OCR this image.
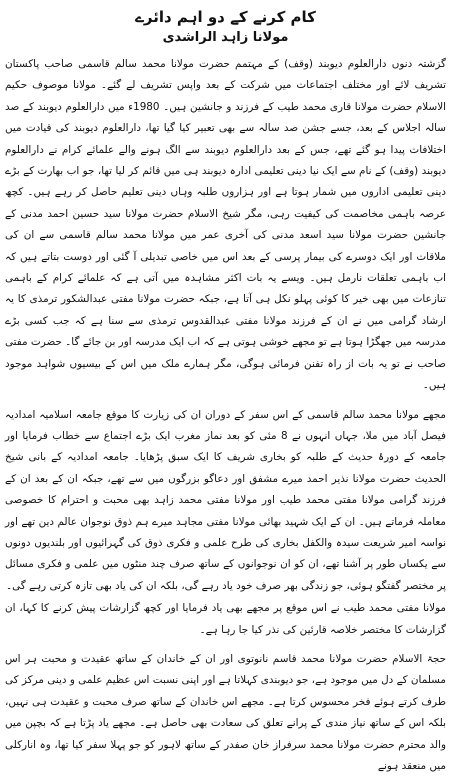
کام کرنے کے دو اہم دائرے
مولانا زاہد الراشدی

گزشتہ دنوں دارالعلوم دیوبند (وقف) کے مہتمم حضرت مولانا محمد سالم قاسمی صاحب پاکستان تشریف لائے اور مختلف اجتماعات میں شرکت کے بعد واپس تشریف لے گئے۔ مولانا موصوف حکیم الاسلام حضرت مولانا قاری محمد طیب کے فرزند و جانشین ہیں۔ 1980ء میں دارالعلوم دیوبند کے صد سالہ اجلاس کے بعد، جسے جشن صد سالہ سے بھی تعبیر کیا گیا تھا، دارالعلوم دیوبند کی قیادت میں اختلافات پیدا ہو گئے تھے، جس کے بعد دارالعلوم دیوبند سے الگ ہونے والے علمائے کرام نے دارالعلوم دیوبند (وقف) کے نام سے ایک نیا دینی تعلیمی ادارہ دیوبند ہی میں قائم کر لیا تھا، جو اب بھارت کے بڑے دینی تعلیمی اداروں میں شمار ہوتا ہے اور ہزاروں طلبہ وہاں دینی تعلیم حاصل کر رہے ہیں۔ کچھ عرصہ باہمی مخاصمت کی کیفیت رہی، مگر شیخ الاسلام حضرت مولانا سید حسین احمد مدنی کے جانشین حضرت مولانا سید اسعد مدنی کی آخری عمر میں مولانا محمد سالم قاسمی سے ان کی ملاقات اور ایک دوسرے کی بیمار پرسی کے بعد اس میں خاصی تبدیلی آ گئی اور دوست بتاتے ہیں کہ اب باہمی تعلقات نارمل ہیں۔ ویسے یہ بات اکثر مشاہدہ میں آتی ہے کہ علمائے کرام کے باہمی تنازعات میں بھی خیر کا کوئی پہلو نکل ہی آتا ہے، جبکہ حضرت مولانا مفتی عبدالشکور ترمذی کا یہ ارشاد گرامی میں نے ان کے فرزند مولانا مفتی عبدالقدوس ترمذی سے سنا ہے کہ جب کسی بڑے مدرسہ میں جھگڑا ہوتا ہے تو مجھے خوشی ہوتی ہے کہ اب ایک مدرسہ اور بن جائے گا۔ حضرت مفتی صاحب نے تو یہ بات از راہ تفنن فرمائی ہوگی، مگر ہمارے ملک میں اس کے بیسیوں شواہد موجود ہیں۔

مجھے مولانا محمد سالم قاسمی کے اس سفر کے دوران ان کی زیارت کا موقع جامعہ اسلامیہ امدادیہ فیصل آباد میں ملا، جہاں انہوں نے 8 مئی کو بعد نماز مغرب ایک بڑے اجتماع سے خطاب فرمایا اور جامعہ کے دورۂ حدیث کے طلبہ کو بخاری شریف کا ایک سبق پڑھایا۔ جامعہ امدادیہ کے بانی شیخ الحدیث حضرت مولانا نذیر احمد میرے مشفق اور دعاگو بزرگوں میں سے تھے، جبکہ ان کے بعد ان کے فرزند گرامی مولانا مفتی محمد طیب اور مولانا مفتی محمد زاہد بھی محبت و احترام کا خصوصی معاملہ فرماتے ہیں۔ ان کے ایک شہید بھائی مولانا مفتی مجاہد میرے ہم ذوق نوجوان عالم دین تھے اور نواسہ امیر شریعت سیدہ والکفل بخاری کی طرح علمی و فکری ذوق کی گہرائیوں اور بلندیوں دونوں سے یکساں طور پر آشنا تھے، ان کو ان نوجوانوں کے ساتھ صرف چند منٹوں میں علمی و فکری مسائل پر مختصر گفتگو ہوئی، جو زندگی بھر صرف خود یاد رہے گی، بلکہ ان کی یاد بھی تازہ کرتی رہے گی۔

مولانا مفتی محمد طیب نے اس موقع پر مجھے بھی یاد فرمایا اور کچھ گزارشات پیش کرنے کا کہا، ان گزارشات کا مختصر خلاصہ قارئین کی نذر کیا جا رہا ہے۔

حجۃ الاسلام حضرت مولانا محمد قاسم نانوتوی اور ان کے خاندان کے ساتھ عقیدت و محبت ہر اس مسلمان کے دل میں موجود ہے، جو دیوبندی کہلاتا ہے اور اپنی نسبت اس عظیم علمی و دینی مرکز کی طرف کرتے ہوئے فخر محسوس کرتا ہے۔ مجھے اس خاندان کے ساتھ صرف محبت و عقیدت ہی نہیں، بلکہ اس کے ساتھ نیاز مندی کے پرانے تعلق کی سعادت بھی حاصل ہے۔ مجھے یاد پڑتا ہے کہ بچپن میں والد محترم حضرت مولانا محمد سرفراز خان صفدر کے ساتھ لاہور کو جو پہلا سفر کیا تھا، وہ انارکلی میں منعقد ہونے
